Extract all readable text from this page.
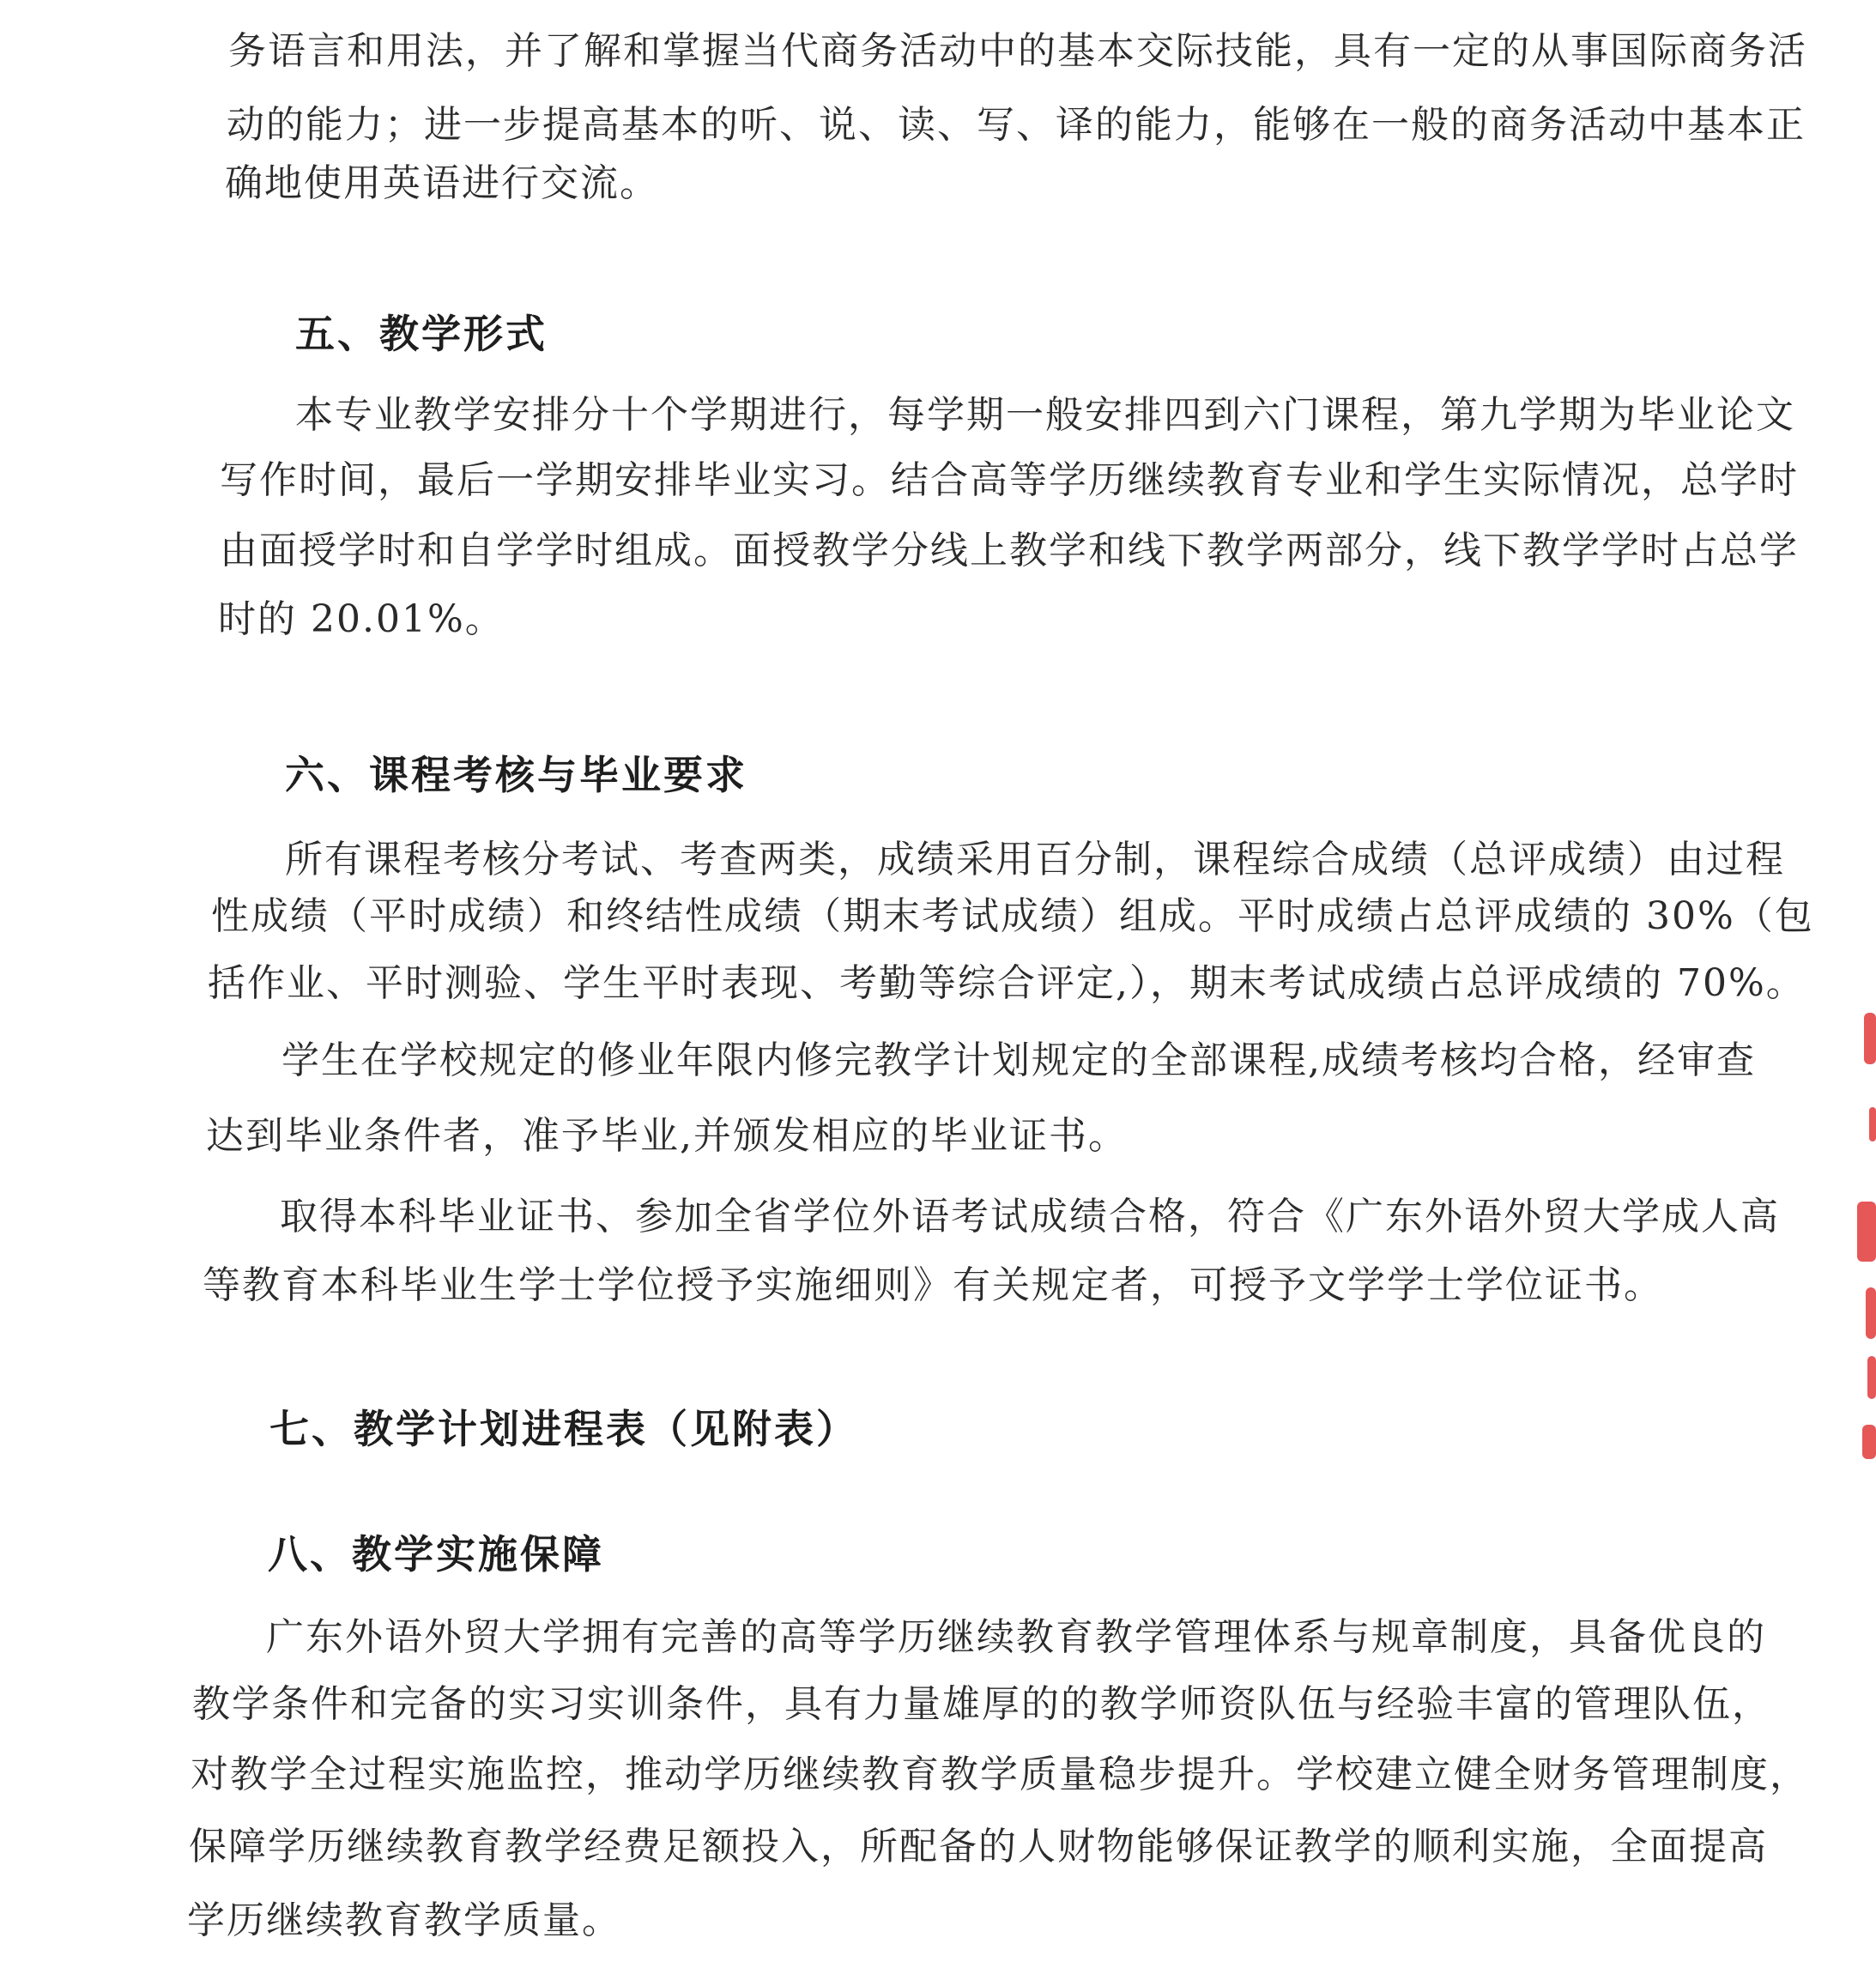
务语言和用法，并了解和掌握当代商务活动中的基本交际技能，具有一定的从事国际商务活
动的能力；进一步提高基本的听、说、读、写、译的能力，能够在一般的商务活动中基本正
确地使用英语进行交流。
五、教学形式
本专业教学安排分十个学期进行，每学期一般安排四到六门课程，第九学期为毕业论文
写作时间，最后一学期安排毕业实习。结合高等学历继续教育专业和学生实际情况，总学时
由面授学时和自学学时组成。面授教学分线上教学和线下教学两部分，线下教学学时占总学
时的 20.01%。
六、课程考核与毕业要求
所有课程考核分考试、考查两类，成绩采用百分制，课程综合成绩（总评成绩）由过程
性成绩（平时成绩）和终结性成绩（期末考试成绩）组成。平时成绩占总评成绩的 30%（包
括作业、平时测验、学生平时表现、考勤等综合评定,），期末考试成绩占总评成绩的 70%。
学生在学校规定的修业年限内修完教学计划规定的全部课程,成绩考核均合格，经审查
达到毕业条件者，准予毕业,并颁发相应的毕业证书。
取得本科毕业证书、参加全省学位外语考试成绩合格，符合《广东外语外贸大学成人高
等教育本科毕业生学士学位授予实施细则》有关规定者，可授予文学学士学位证书。
七、教学计划进程表（见附表）
八、教学实施保障
广东外语外贸大学拥有完善的高等学历继续教育教学管理体系与规章制度，具备优良的
教学条件和完备的实习实训条件，具有力量雄厚的的教学师资队伍与经验丰富的管理队伍，
对教学全过程实施监控，推动学历继续教育教学质量稳步提升。学校建立健全财务管理制度，
保障学历继续教育教学经费足额投入，所配备的人财物能够保证教学的顺利实施，全面提高
学历继续教育教学质量。
